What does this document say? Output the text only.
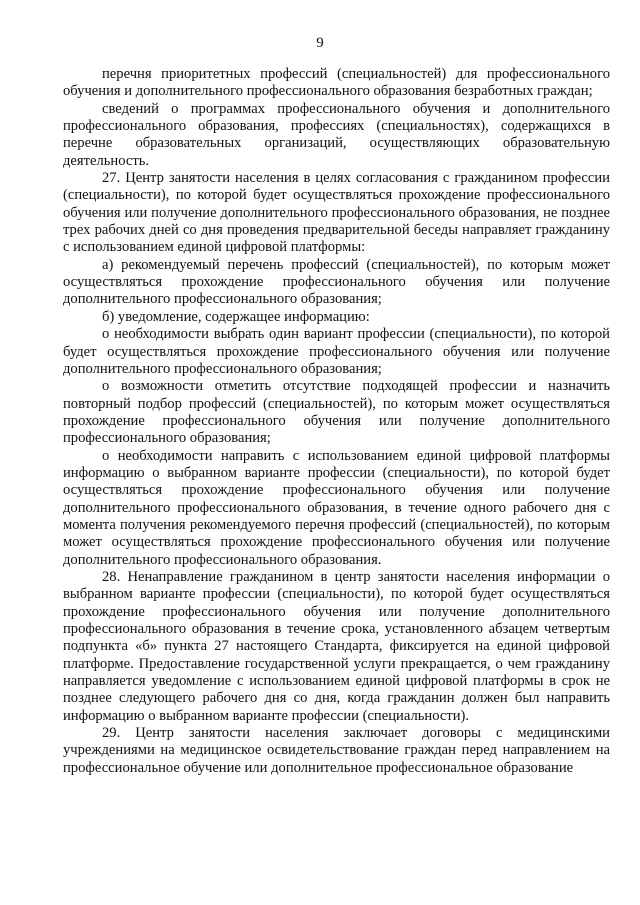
9

перечня приоритетных профессий (специальностей) для профессионального обучения и дополнительного профессионального образования безработных граждан;

сведений о программах профессионального обучения и дополнительного профессионального образования, профессиях (специальностях), содержащихся в перечне образовательных организаций, осуществляющих образовательную деятельность.

27. Центр занятости населения в целях согласования с гражданином профессии (специальности), по которой будет осуществляться прохождение профессионального обучения или получение дополнительного профессионального образования, не позднее трех рабочих дней со дня проведения предварительной беседы направляет гражданину с использованием единой цифровой платформы:

а) рекомендуемый перечень профессий (специальностей), по которым может осуществляться прохождение профессионального обучения или получение дополнительного профессионального образования;

б) уведомление, содержащее информацию:

о необходимости выбрать один вариант профессии (специальности), по которой будет осуществляться прохождение профессионального обучения или получение дополнительного профессионального образования;

о возможности отметить отсутствие подходящей профессии и назначить повторный подбор профессий (специальностей), по которым может осуществляться прохождение профессионального обучения или получение дополнительного профессионального образования;

о необходимости направить с использованием единой цифровой платформы информацию о выбранном варианте профессии (специальности), по которой будет осуществляться прохождение профессионального обучения или получение дополнительного профессионального образования, в течение одного рабочего дня с момента получения рекомендуемого перечня профессий (специальностей), по которым может осуществляться прохождение профессионального обучения или получение дополнительного профессионального образования.

28. Ненаправление гражданином в центр занятости населения информации о выбранном варианте профессии (специальности), по которой будет осуществляться прохождение профессионального обучения или получение дополнительного профессионального образования в течение срока, установленного абзацем четвертым подпункта «б» пункта 27 настоящего Стандарта, фиксируется на единой цифровой платформе. Предоставление государственной услуги прекращается, о чем гражданину направляется уведомление с использованием единой цифровой платформы в срок не позднее следующего рабочего дня со дня, когда гражданин должен был направить информацию о выбранном варианте профессии (специальности).

29. Центр занятости населения заключает договоры с медицинскими учреждениями на медицинское освидетельствование граждан перед направлением на профессиональное обучение или дополнительное профессиональное образование
